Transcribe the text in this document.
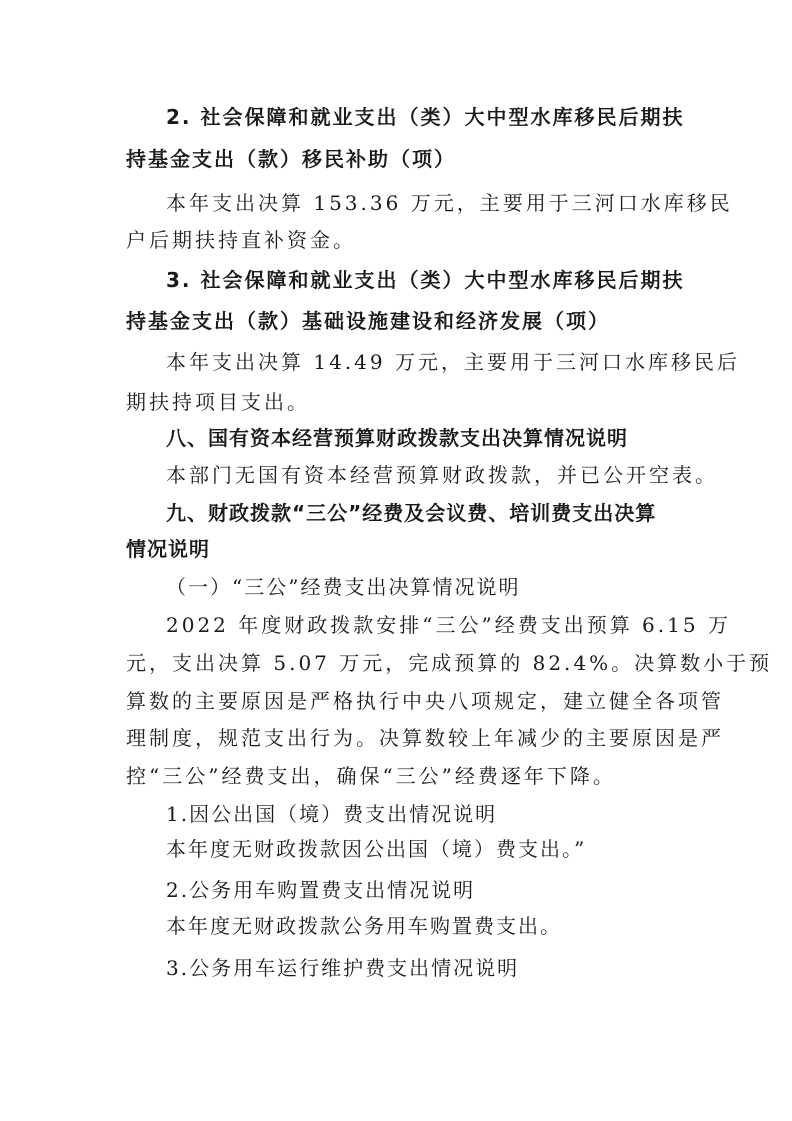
2. 社会保障和就业支出（类）大中型水库移民后期扶
持基金支出（款）移民补助（项）
本年支出决算 153.36 万元，主要用于三河口水库移民
户后期扶持直补资金。
3. 社会保障和就业支出（类）大中型水库移民后期扶
持基金支出（款）基础设施建设和经济发展（项）
本年支出决算 14.49 万元，主要用于三河口水库移民后
期扶持项目支出。
八、国有资本经营预算财政拨款支出决算情况说明
本部门无国有资本经营预算财政拨款，并已公开空表。
九、财政拨款“三公”经费及会议费、培训费支出决算
情况说明
（一）“三公”经费支出决算情况说明
2022 年度财政拨款安排“三公”经费支出预算 6.15 万
元，支出决算 5.07 万元，完成预算的 82.4%。决算数小于预
算数的主要原因是严格执行中央八项规定，建立健全各项管
理制度，规范支出行为。决算数较上年减少的主要原因是严
控“三公”经费支出，确保“三公”经费逐年下降。
1.因公出国（境）费支出情况说明
本年度无财政拨款因公出国（境）费支出。”
2.公务用车购置费支出情况说明
本年度无财政拨款公务用车购置费支出。
3.公务用车运行维护费支出情况说明
